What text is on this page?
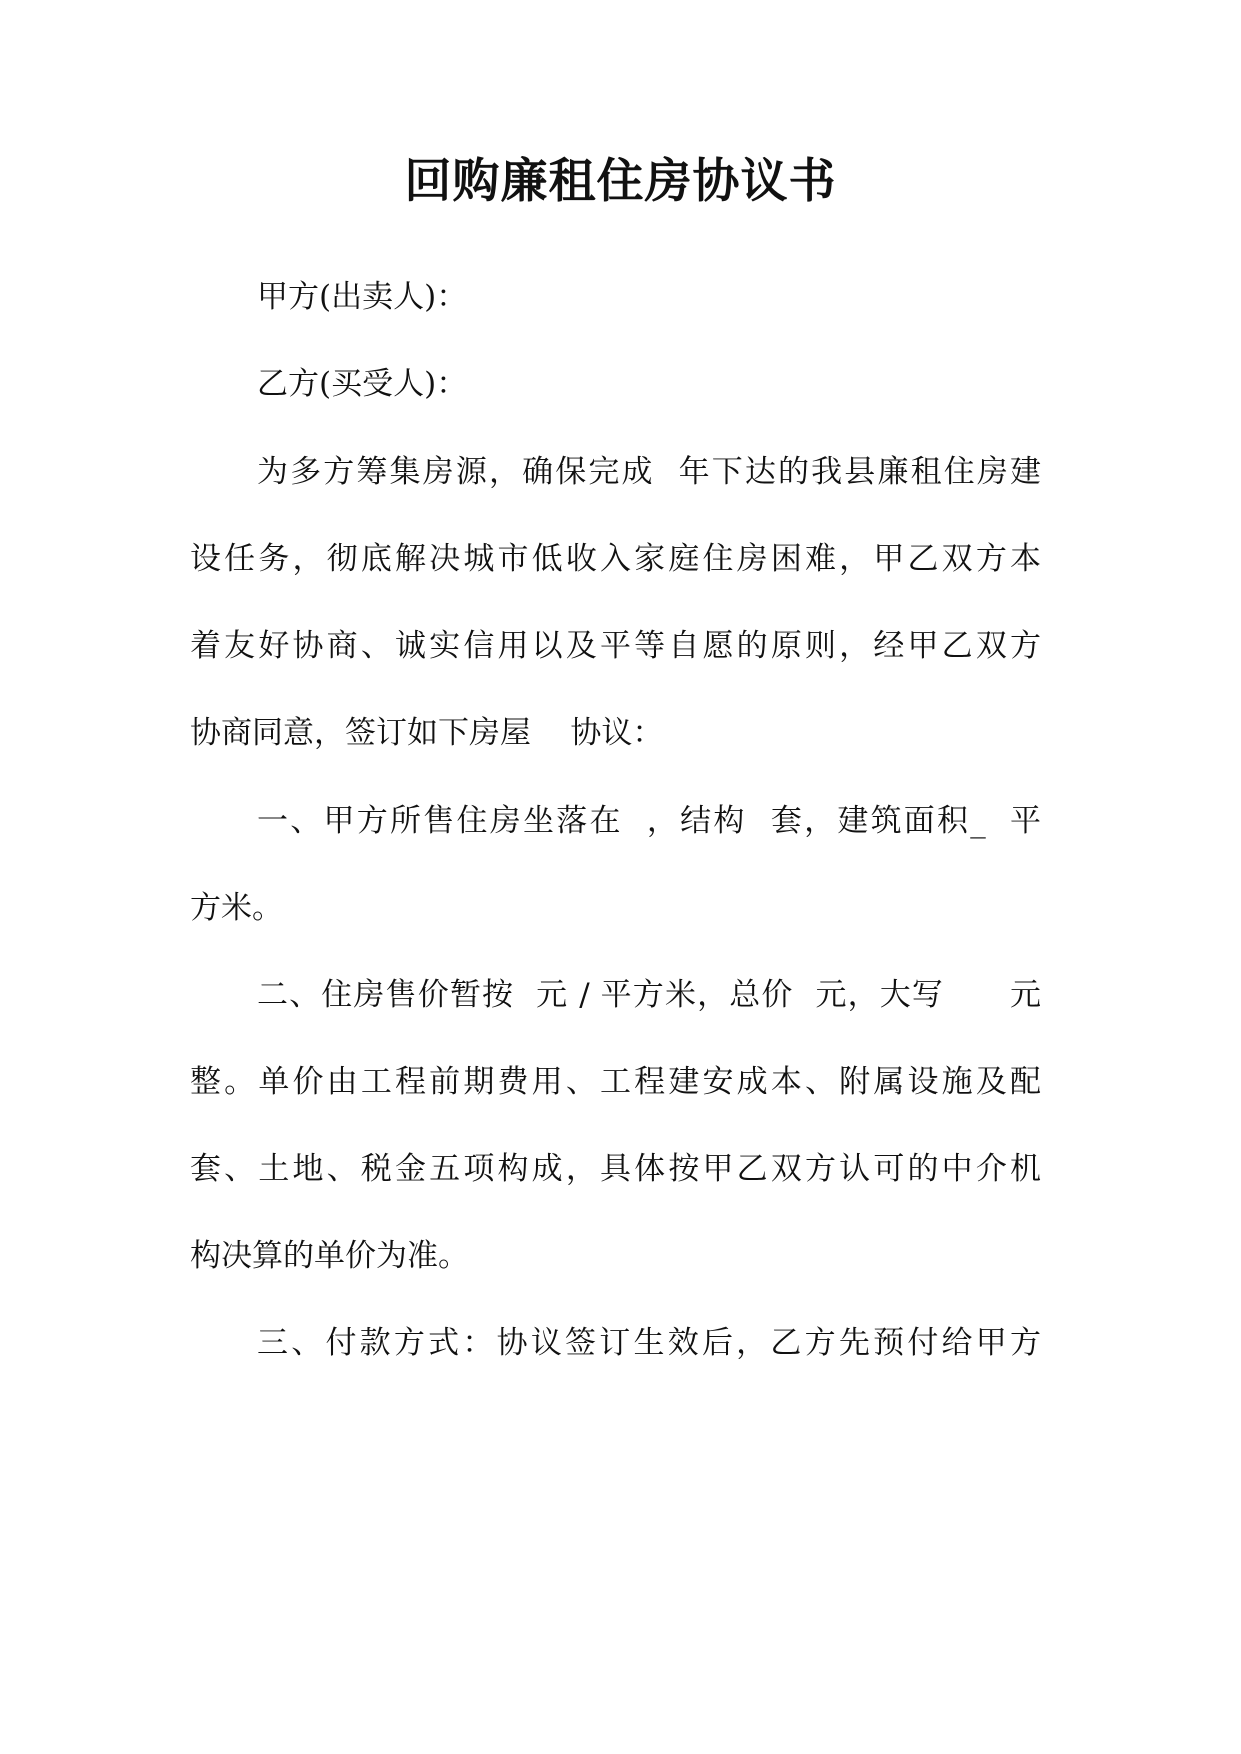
回购廉租住房协议书

甲方(出卖人)：

乙方(买受人)：

为多方筹集房源，确保完成  年下达的我县廉租住房建

设任务，彻底解决城市低收入家庭住房困难，甲乙双方本

着友好协商、诚实信用以及平等自愿的原则，经甲乙双方

协商同意，签订如下房屋    协议：

一、甲方所售住房坐落在  ，结构  套，建筑面积_  平

方米。

二、住房售价暂按  元 / 平方米，总价  元，大写      元

整。单价由工程前期费用、工程建安成本、附属设施及配

套、土地、税金五项构成，具体按甲乙双方认可的中介机

构决算的单价为准。

三、付款方式：协议签订生效后，乙方先预付给甲方
